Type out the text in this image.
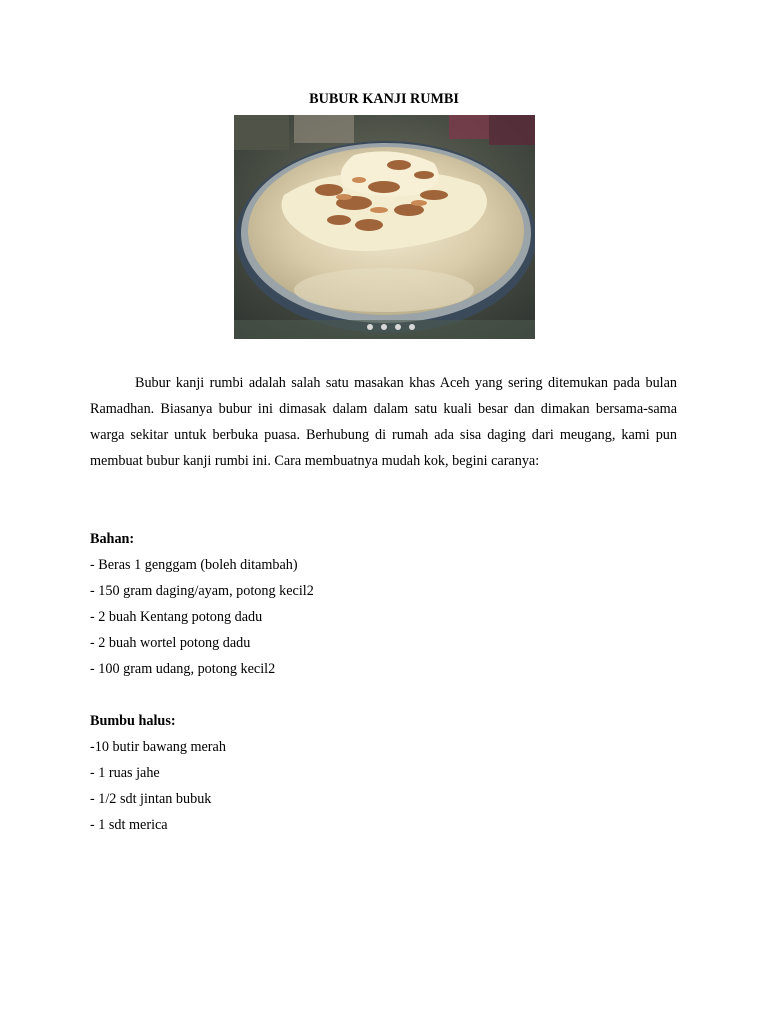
BUBUR KANJI RUMBI

Bubur kanji rumbi adalah salah satu masakan khas Aceh yang sering ditemukan pada bulan Ramadhan. Biasanya bubur ini dimasak dalam dalam satu kuali besar dan dimakan bersama-sama warga sekitar untuk berbuka puasa. Berhubung di rumah ada sisa daging dari meugang, kami pun membuat bubur kanji rumbi ini. Cara membuatnya mudah kok, begini caranya:

Bahan:
- Beras 1 genggam (boleh ditambah)
- 150 gram daging/ayam, potong kecil2
- 2 buah Kentang potong dadu
- 2 buah wortel potong dadu
- 100 gram udang, potong kecil2
Bumbu halus:
-10 butir bawang merah
- 1 ruas jahe
- 1/2 sdt jintan bubuk
- 1 sdt merica
